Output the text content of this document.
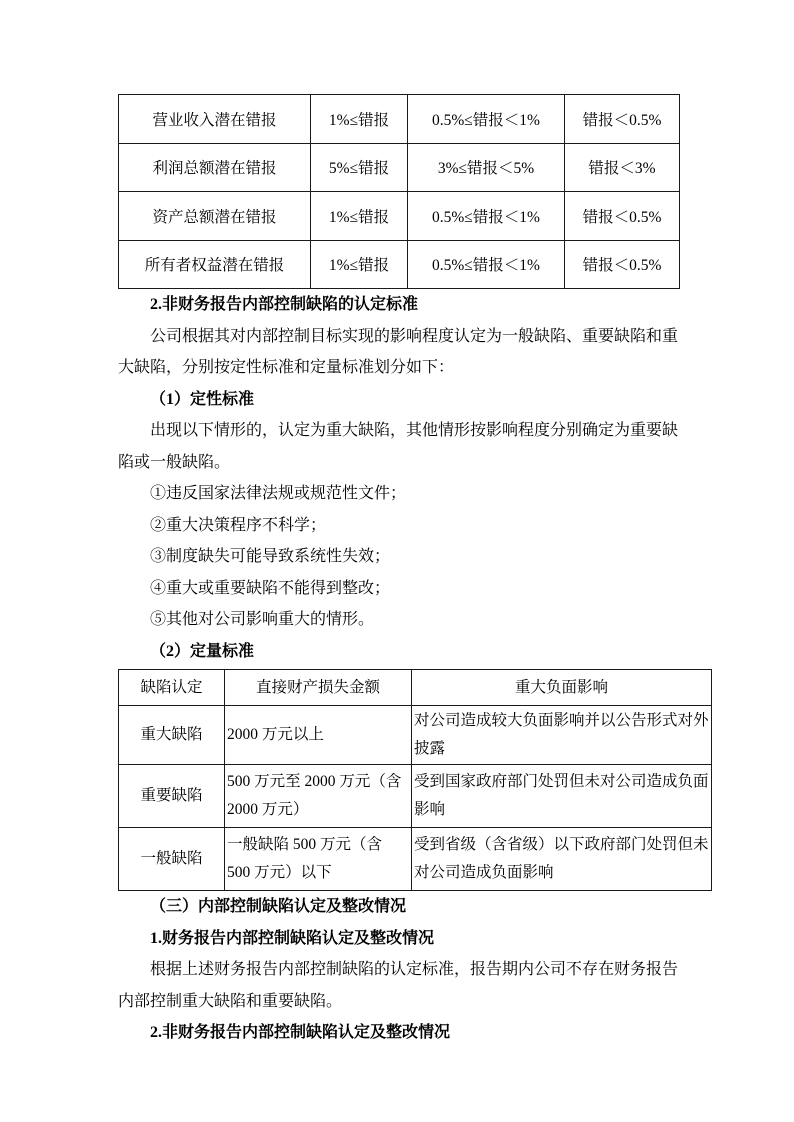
营业收入潜在错报	1%≤错报	0.5%≤错报＜1%	错报＜0.5%
利润总额潜在错报	5%≤错报	3%≤错报＜5%	错报＜3%
资产总额潜在错报	1%≤错报	0.5%≤错报＜1%	错报＜0.5%
所有者权益潜在错报	1%≤错报	0.5%≤错报＜1%	错报＜0.5%
2.非财务报告内部控制缺陷的认定标准
公司根据其对内部控制目标实现的影响程度认定为一般缺陷、重要缺陷和重
大缺陷，分别按定性标准和定量标准划分如下：
（1）定性标准
出现以下情形的，认定为重大缺陷，其他情形按影响程度分别确定为重要缺
陷或一般缺陷。
①违反国家法律法规或规范性文件；
②重大决策程序不科学；
③制度缺失可能导致系统性失效；
④重大或重要缺陷不能得到整改；
⑤其他对公司影响重大的情形。
（2）定量标准
缺陷认定	直接财产损失金额	重大负面影响
重大缺陷	2000 万元以上	对公司造成较大负面影响并以公告形式对外披露
重要缺陷	500 万元至 2000 万元（含 2000 万元）	受到国家政府部门处罚但未对公司造成负面影响
一般缺陷	一般缺陷 500 万元（含 500 万元）以下	受到省级（含省级）以下政府部门处罚但未对公司造成负面影响
（三）内部控制缺陷认定及整改情况
1.财务报告内部控制缺陷认定及整改情况
根据上述财务报告内部控制缺陷的认定标准，报告期内公司不存在财务报告
内部控制重大缺陷和重要缺陷。
2.非财务报告内部控制缺陷认定及整改情况
